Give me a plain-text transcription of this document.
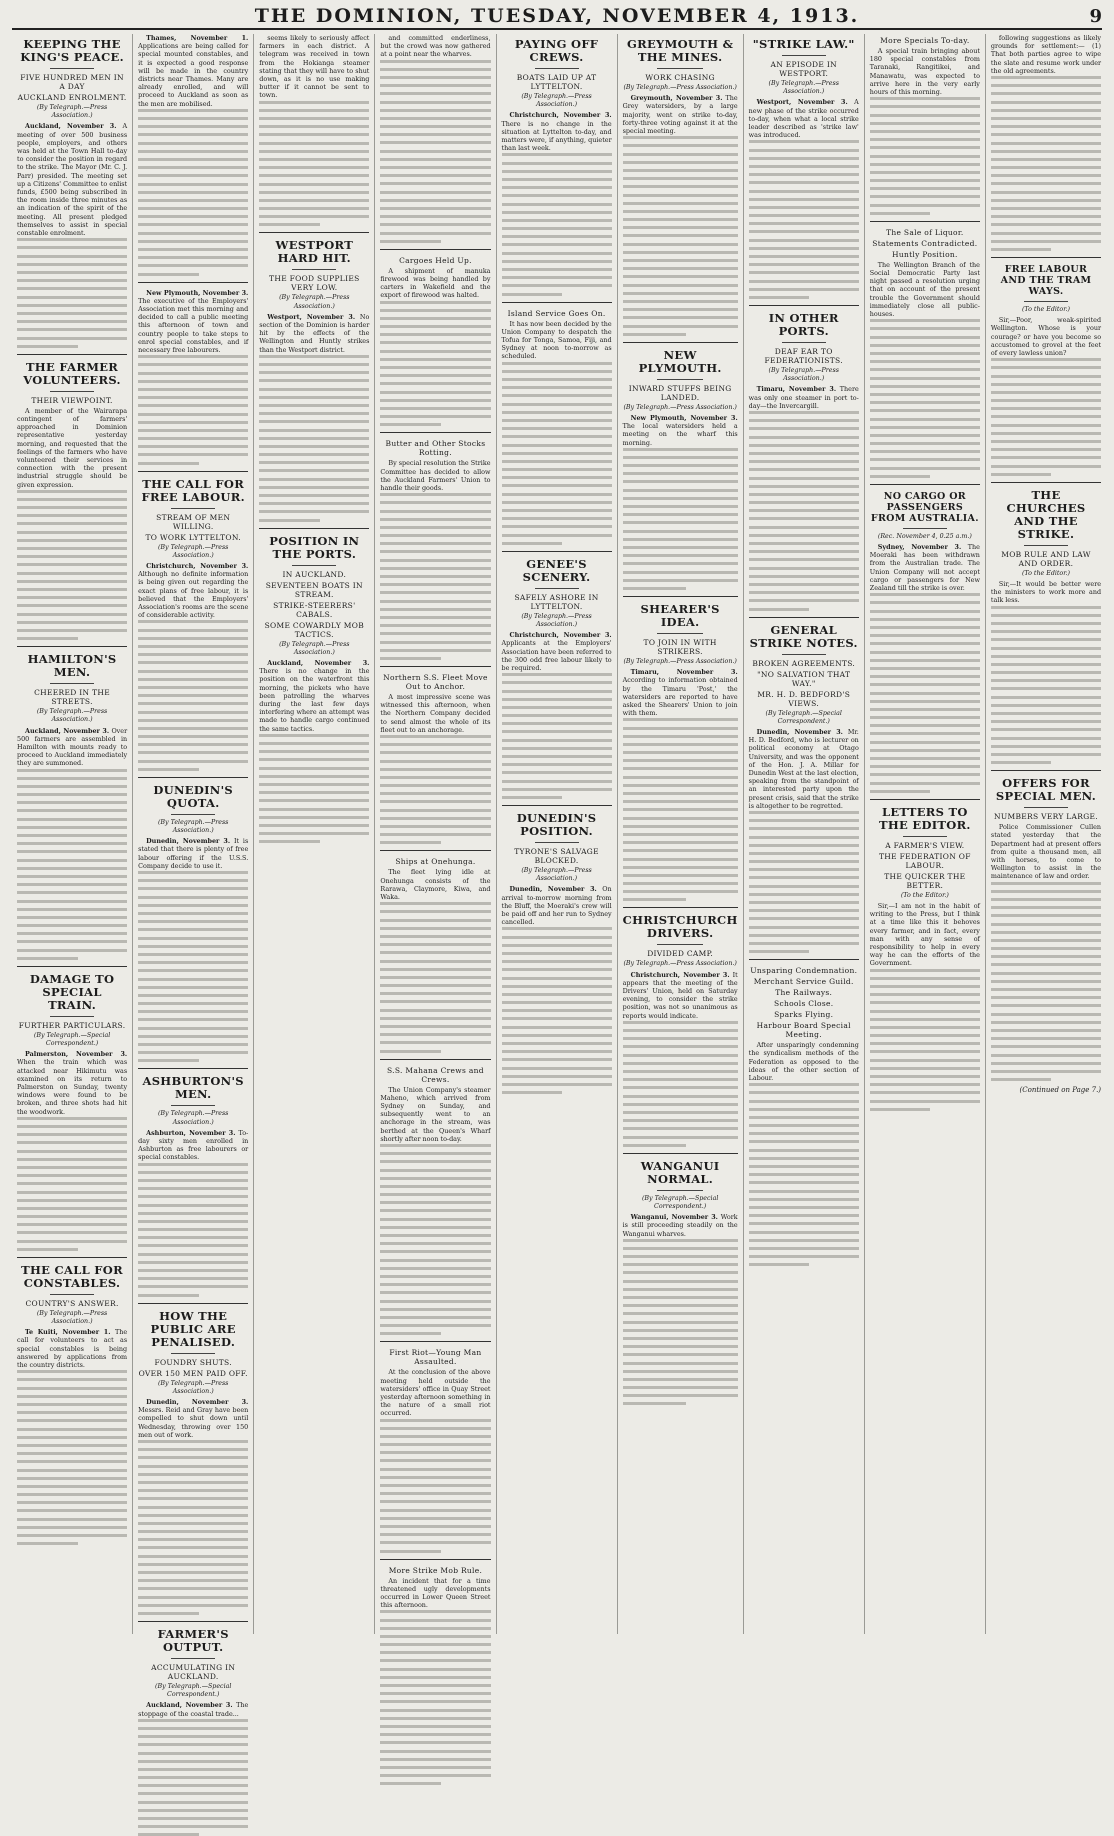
THE DOMINION, TUESDAY, NOVEMBER 4, 1913.	9
KEEPING THE KING'S PEACE.
FIVE HUNDRED MEN IN A DAY
AUCKLAND ENROLMENT.
(By Telegraph.—Press Association.)

Auckland, November 3. A meeting of over 500 business people, employers, and others was held at the Town Hall to-day to consider the position in regard to the strike. The Mayor (Mr. C. J. Parr) presided. The meeting set up a Citizens' Committee to enlist funds, £500 being subscribed in the room inside three minutes as an indication of the spirit of the meeting. All present pledged themselves to assist in special constable enrolment.

THE FARMER VOLUNTEERS.
THEIR VIEWPOINT.

A member of the Wairarapa contingent of farmers' approached in Dominion representative yesterday morning, and requested that the feelings of the farmers who have volunteered their services in connection with the present industrial struggle should be given expression.

HAMILTON'S MEN.
CHEERED IN THE STREETS.
(By Telegraph.—Press Association.)

Auckland, November 3. Over 500 farmers are assembled in Hamilton with mounts ready to proceed to Auckland immediately they are summoned.

DAMAGE TO SPECIAL TRAIN.
FURTHER PARTICULARS.
(By Telegraph.—Special Correspondent.)

Palmerston, November 3. When the train which was attacked near Hikimutu was examined on its return to Palmerston on Sunday, twenty windows were found to be broken, and three shots had hit the woodwork.

THE CALL FOR CONSTABLES.
COUNTRY'S ANSWER.
(By Telegraph.—Press Association.)

Te Kuiti, November 1. The call for volunteers to act as special constables is being answered by applications from the country districts.

Thames, November 1. Applications are being called for special mounted constables, and it is expected a good response will be made in the country districts near Thames. Many are already enrolled, and will proceed to Auckland as soon as the men are mobilised.

New Plymouth, November 3. The executive of the Employers' Association met this morning and decided to call a public meeting this afternoon of town and country people to take steps to enrol special constables, and if necessary free labourers.

THE CALL FOR FREE LABOUR.
STREAM OF MEN WILLING.
TO WORK LYTTELTON.
(By Telegraph.—Press Association.)

Christchurch, November 3. Although no definite information is being given out regarding the exact plans of free labour, it is believed that the Employers' Association's rooms are the scene of considerable activity.

DUNEDIN'S QUOTA.
(By Telegraph.—Press Association.)

Dunedin, November 3. It is stated that there is plenty of free labour offering if the U.S.S. Company decide to use it.

ASHBURTON'S MEN.
(By Telegraph.—Press Association.)

Ashburton, November 3. To-day sixty men enrolled in Ashburton as free labourers or special constables.

HOW THE PUBLIC ARE PENALISED.
FOUNDRY SHUTS.
OVER 150 MEN PAID OFF.
(By Telegraph.—Press Association.)

Dunedin, November 3. Messrs. Reid and Gray have been compelled to shut down until Wednesday, throwing over 150 men out of work.

FARMER'S OUTPUT.
ACCUMULATING IN AUCKLAND.
(By Telegraph.—Special Correspondent.)

Auckland, November 3. The stoppage of the coastal trade...

seems likely to seriously affect farmers in each district. A telegram was received in town from the Hokianga steamer stating that they will have to shut down, as it is no use making butter if it cannot be sent to town.

WESTPORT HARD HIT.
THE FOOD SUPPLIES VERY LOW.
(By Telegraph.—Press Association.)

Westport, November 3. No section of the Dominion is harder hit by the effects of the Wellington and Huntly strikes than the Westport district.

POSITION IN THE PORTS.
IN AUCKLAND.
SEVENTEEN BOATS IN STREAM.
STRIKE-STEERERS' CABALS.
SOME COWARDLY MOB TACTICS.
(By Telegraph.—Press Association.)

Auckland, November 3. There is no change in the position on the waterfront this morning, the pickets who have been patrolling the wharves during the last few days interfering where an attempt was made to handle cargo continued the same tactics.

and committed enderliness, but the crowd was now gathered at a point near the wharves.

Cargoes Held Up.

A shipment of manuka firewood was being handled by carters in Wakefield and the export of firewood was halted.

Butter and Other Stocks Rotting.

By special resolution the Strike Committee has decided to allow the Auckland Farmers' Union to handle their goods.

Northern S.S. Fleet Move Out to Anchor.

A most impressive scene was witnessed this afternoon, when the Northern Company decided to send almost the whole of its fleet out to an anchorage.

Ships at Onehunga.

The fleet lying idle at Onehunga consists of the Rarawa, Claymore, Kiwa, and Waka.

S.S. Mahana Crews and Crews.

The Union Company's steamer Maheno, which arrived from Sydney on Sunday, and subsequently went to an anchorage in the stream, was berthed at the Queen's Wharf shortly after noon to-day.

First Riot—Young Man Assaulted.

At the conclusion of the above meeting held outside the watersiders' office in Quay Street yesterday afternoon something in the nature of a small riot occurred.

More Strike Mob Rule.

An incident that for a time threatened ugly developments occurred in Lower Queen Street this afternoon.

PAYING OFF CREWS.
BOATS LAID UP AT LYTTELTON.
(By Telegraph.—Press Association.)

Christchurch, November 3. There is no change in the situation at Lyttelton to-day, and matters were, if anything, quieter than last week.

Island Service Goes On.

It has now been decided by the Union Company to despatch the Tofua for Tonga, Samoa, Fiji, and Sydney at noon to-morrow as scheduled.

GENEE'S SCENERY.
SAFELY ASHORE IN LYTTELTON.
(By Telegraph.—Press Association.)

Christchurch, November 3. Applicants at the Employers' Association have been referred to the 300 odd free labour likely to be required.

DUNEDIN'S POSITION.
TYRONE'S SALVAGE BLOCKED.
(By Telegraph.—Press Association.)

Dunedin, November 3. On arrival to-morrow morning from the Bluff, the Moeraki's crew will be paid off and her run to Sydney cancelled.

GREYMOUTH & THE MINES.
WORK CHASING
(By Telegraph.—Press Association.)

Greymouth, November 3. The Grey watersiders, by a large majority, went on strike to-day, forty-three voting against it at the special meeting.

NEW PLYMOUTH.
INWARD STUFFS BEING LANDED.
(By Telegraph.—Press Association.)

New Plymouth, November 3. The local watersiders held a meeting on the wharf this morning.

SHEARER'S IDEA.
TO JOIN IN WITH STRIKERS.
(By Telegraph.—Press Association.)

Timaru, November 3. According to information obtained by the Timaru 'Post,' the watersiders are reported to have asked the Shearers' Union to join with them.

CHRISTCHURCH DRIVERS.
DIVIDED CAMP.
(By Telegraph.—Press Association.)

Christchurch, November 3. It appears that the meeting of the Drivers' Union, held on Saturday evening, to consider the strike position, was not so unanimous as reports would indicate.

WANGANUI NORMAL.
(By Telegraph.—Special Correspondent.)

Wanganui, November 3. Work is still proceeding steadily on the Wanganui wharves.

"STRIKE LAW."
AN EPISODE IN WESTPORT.
(By Telegraph.—Press Association.)

Westport, November 3. A new phase of the strike occurred to-day, when what a local strike leader described as 'strike law' was introduced.

IN OTHER PORTS.
DEAF EAR TO FEDERATIONISTS.
(By Telegraph.—Press Association.)

Timaru, November 3. There was only one steamer in port to-day—the Invercargill.

GENERAL STRIKE NOTES.
BROKEN AGREEMENTS.
"NO SALVATION THAT WAY."
MR. H. D. BEDFORD'S VIEWS.
(By Telegraph.—Special Correspondent.)

Dunedin, November 3. Mr. H. D. Bedford, who is lecturer on political economy at Otago University, and was the opponent of the Hon. J. A. Millar for Dunedin West at the last election, speaking from the standpoint of an interested party upon the present crisis, said that the strike is altogether to be regretted.

Unsparing Condemnation.
Merchant Service Guild.
The Railways.
Schools Close.
Sparks Flying.
Harbour Board Special Meeting.

After unsparingly condemning the syndicalism methods of the Federation as opposed to the ideas of the other section of Labour.

More Specials To-day.

A special train bringing about 180 special constables from Taranaki, Rangitikei, and Manawatu, was expected to arrive here in the very early hours of this morning.

The Sale of Liquor.
Statements Contradicted.
Huntly Position.

The Wellington Branch of the Social Democratic Party last night passed a resolution urging that on account of the present trouble the Government should immediately close all public-houses.

NO CARGO OR PASSENGERS FROM AUSTRALIA.
(Rec. November 4, 0.25 a.m.)

Sydney, November 3. The Moeraki has been withdrawn from the Australian trade. The Union Company will not accept cargo or passengers for New Zealand till the strike is over.

LETTERS TO THE EDITOR.
A FARMER'S VIEW.
THE FEDERATION OF LABOUR.
THE QUICKER THE BETTER.
(To the Editor.)

Sir,—I am not in the habit of writing to the Press, but I think at a time like this it behoves every farmer, and in fact, every man with any sense of responsibility to help in every way he can the efforts of the Government.

following suggestions as likely grounds for settlement:— (1) That both parties agree to wipe the slate and resume work under the old agreements.

FREE LABOUR AND THE TRAM WAYS.
(To the Editor.)

Sir,—Poor, weak-spirited Wellington. Whose is your courage? or have you become so accustomed to grovel at the feet of every lawless union?

THE CHURCHES AND THE STRIKE.
MOB RULE AND LAW AND ORDER.
(To the Editor.)

Sir,—It would be better were the ministers to work more and talk less.

OFFERS FOR SPECIAL MEN.
NUMBERS VERY LARGE.

Police Commissioner Cullen stated yesterday that the Department had at present offers from quite a thousand men, all with horses, to come to Wellington to assist in the maintenance of law and order.

(Continued on Page 7.)
